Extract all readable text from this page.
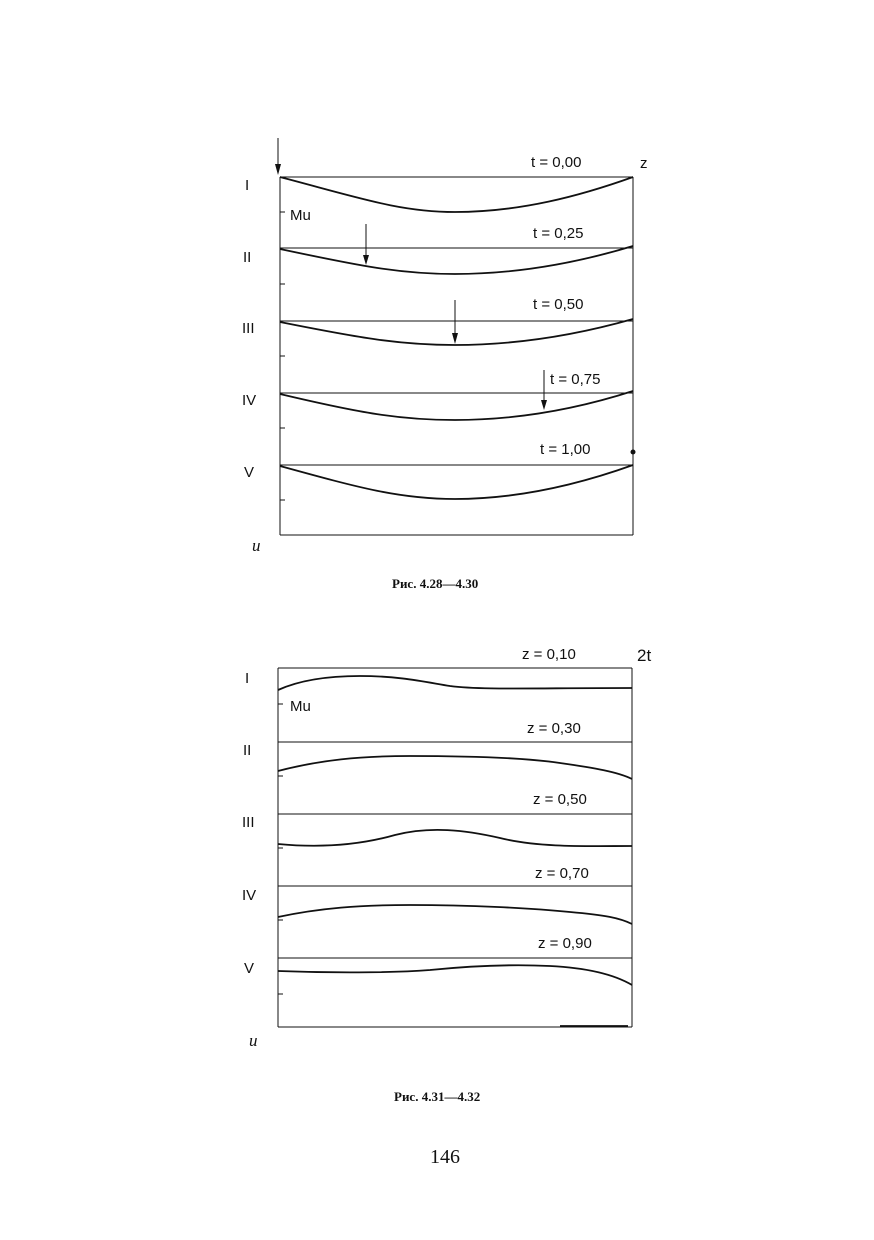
t = 0,00
t = 0,25
t = 0,50
t = 0,75
t = 1,00
I
II
III
IV
V
Mu
z
u
z = 0,10
z = 0,30
z = 0,50
z = 0,70
z = 0,90
I
II
III
IV
V
Mu
2t
u
Рис. 4.28—4.30
Рис. 4.31—4.32
146
